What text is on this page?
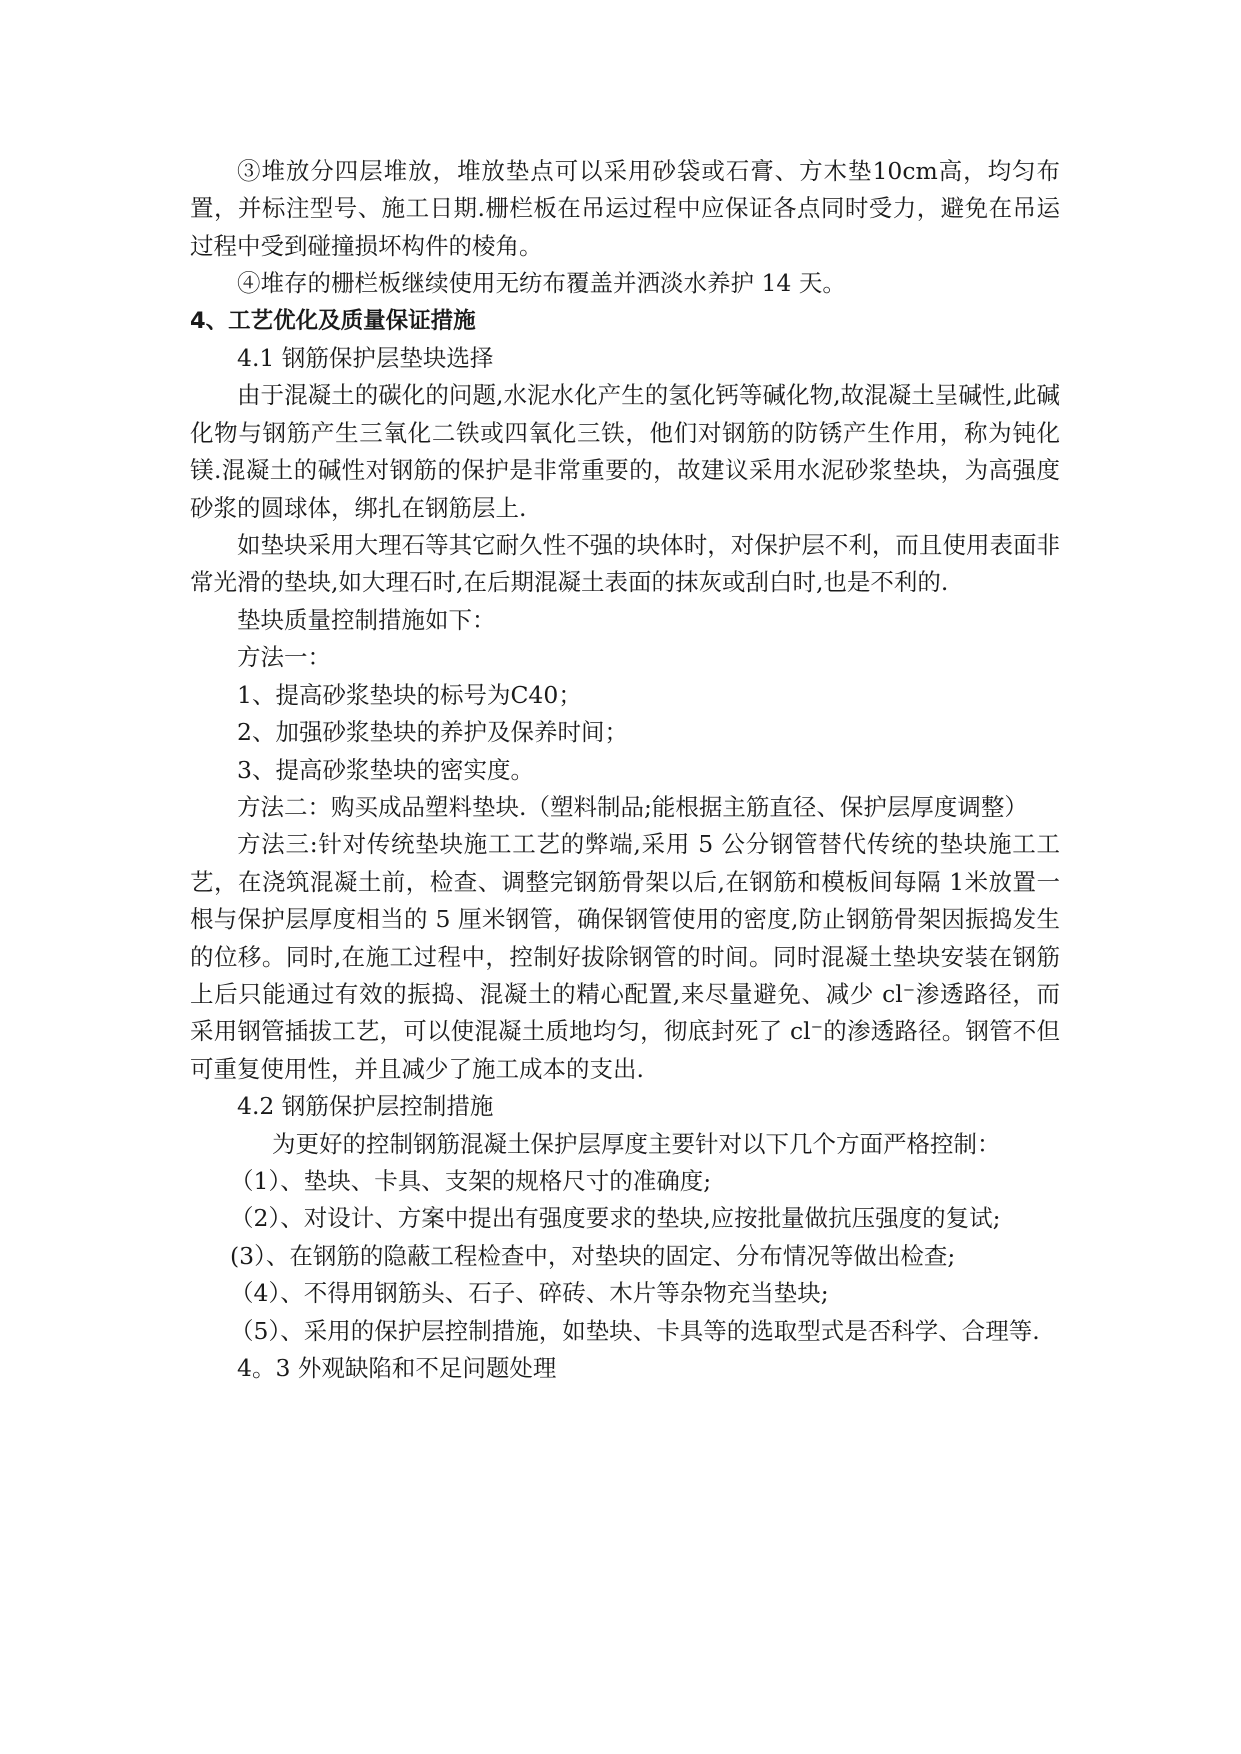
③堆放分四层堆放，堆放垫点可以采用砂袋或石膏、方木垫10cm高，均匀布置，并标注型号、施工日期.栅栏板在吊运过程中应保证各点同时受力，避免在吊运过程中受到碰撞损坏构件的棱角。

④堆存的栅栏板继续使用无纺布覆盖并洒淡水养护 14 天。

4、工艺优化及质量保证措施

4.1 钢筋保护层垫块选择

由于混凝土的碳化的问题,水泥水化产生的氢化钙等碱化物,故混凝土呈碱性,此碱化物与钢筋产生三氧化二铁或四氧化三铁，他们对钢筋的防锈产生作用，称为钝化镁.混凝土的碱性对钢筋的保护是非常重要的，故建议采用水泥砂浆垫块，为高强度砂浆的圆球体，绑扎在钢筋层上.

如垫块采用大理石等其它耐久性不强的块体时，对保护层不利，而且使用表面非常光滑的垫块,如大理石时,在后期混凝土表面的抹灰或刮白时,也是不利的.

垫块质量控制措施如下：

方法一：

1、提高砂浆垫块的标号为C40；

2、加强砂浆垫块的养护及保养时间；

3、提高砂浆垫块的密实度。

方法二：购买成品塑料垫块.（塑料制品;能根据主筋直径、保护层厚度调整）

方法三:针对传统垫块施工工艺的弊端,采用 5 公分钢管替代传统的垫块施工工艺，在浇筑混凝土前，检查、调整完钢筋骨架以后,在钢筋和模板间每隔 1米放置一根与保护层厚度相当的 5 厘米钢管，确保钢管使用的密度,防止钢筋骨架因振捣发生的位移。同时,在施工过程中，控制好拔除钢管的时间。同时混凝土垫块安装在钢筋上后只能通过有效的振捣、混凝土的精心配置,来尽量避免、减少 cl⁻渗透路径，而采用钢管插拔工艺，可以使混凝土质地均匀，彻底封死了 cl⁻的渗透路径。钢管不但可重复使用性，并且减少了施工成本的支出.

4.2 钢筋保护层控制措施

为更好的控制钢筋混凝土保护层厚度主要针对以下几个方面严格控制：

（1）、垫块、卡具、支架的规格尺寸的准确度;

（2）、对设计、方案中提出有强度要求的垫块,应按批量做抗压强度的复试;

(3）、在钢筋的隐蔽工程检查中，对垫块的固定、分布情况等做出检查;

（4）、不得用钢筋头、石子、碎砖、木片等杂物充当垫块;

（5）、采用的保护层控制措施，如垫块、卡具等的选取型式是否科学、合理等.

4。3 外观缺陷和不足问题处理
